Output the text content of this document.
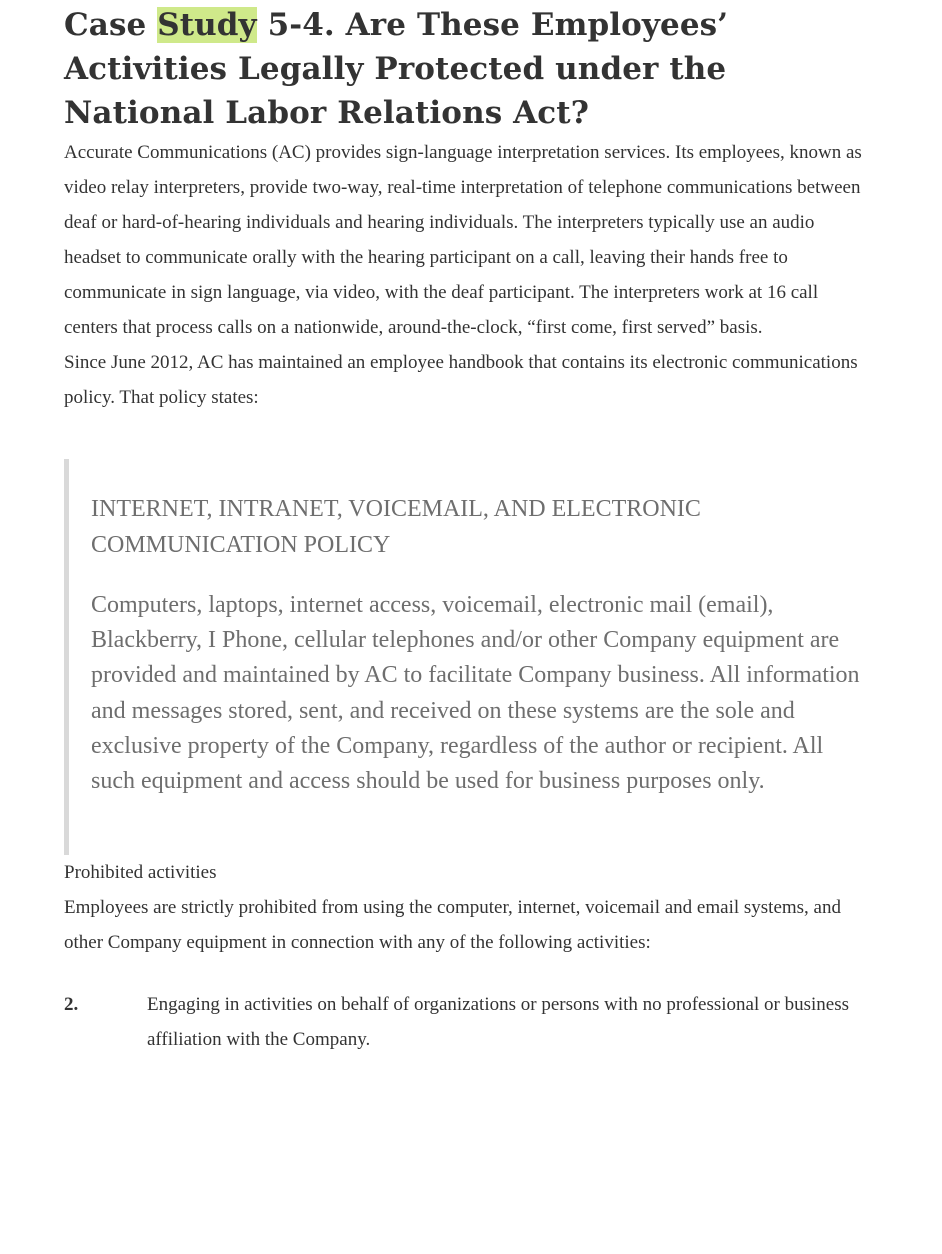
Case Study 5-4. Are These Employees’ Activities Legally Protected under the National Labor Relations Act?

Accurate Communications (AC) provides sign-language interpretation services. Its employees, known as video relay interpreters, provide two-way, real-time interpretation of telephone communications between deaf or hard-of-hearing individuals and hearing individuals. The interpreters typically use an audio headset to communicate orally with the hearing participant on a call, leaving their hands free to communicate in sign language, via video, with the deaf participant. The interpreters work at 16 call centers that process calls on a nationwide, around-the-clock, “first come, first served” basis.

Since June 2012, AC has maintained an employee handbook that contains its electronic communications policy. That policy states:

INTERNET, INTRANET, VOICEMAIL, AND ELECTRONIC COMMUNICATION POLICY

Computers, laptops, internet access, voicemail, electronic mail (email), Blackberry, I Phone, cellular telephones and/or other Company equipment are provided and maintained by AC to facilitate Company business. All information and messages stored, sent, and received on these systems are the sole and exclusive property of the Company, regardless of the author or recipient. All such equipment and access should be used for business purposes only.

Prohibited activities

Employees are strictly prohibited from using the computer, internet, voicemail and email systems, and other Company equipment in connection with any of the following activities:

2.	Engaging in activities on behalf of organizations or persons with no professional or business affiliation with the Company.
